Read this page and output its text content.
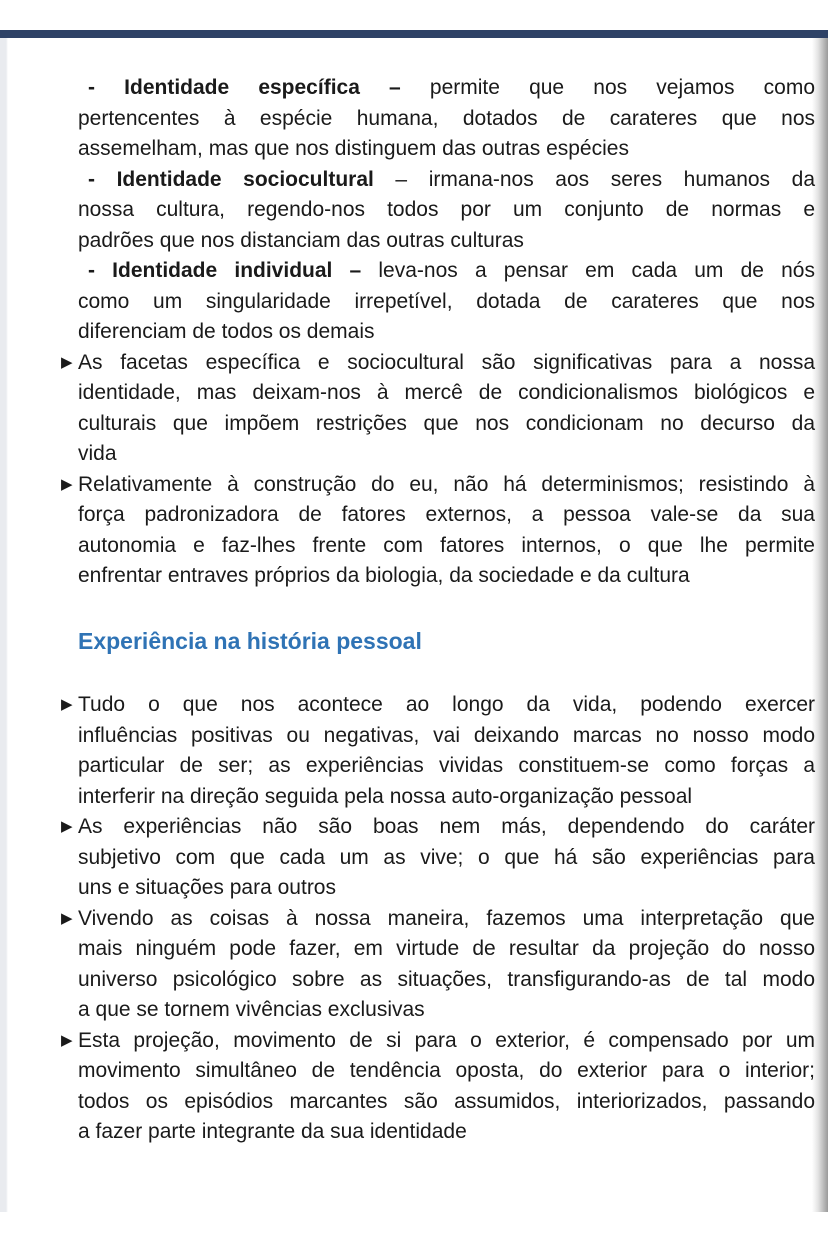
- Identidade específica – permite que nos vejamos como
pertencentes à espécie humana, dotados de carateres que nos
assemelham, mas que nos distinguem das outras espécies
- Identidade sociocultural – irmana-nos aos seres humanos da
nossa cultura, regendo-nos todos por um conjunto de normas e
padrões que nos distanciam das outras culturas
- Identidade individual – leva-nos a pensar em cada um de nós
como um singularidade irrepetível, dotada de carateres que nos
diferenciam de todos os demais
▶ As facetas específica e sociocultural são significativas para a nossa
identidade, mas deixam-nos à mercê de condicionalismos biológicos e
culturais que impõem restrições que nos condicionam no decurso da
vida
▶ Relativamente à construção do eu, não há determinismos; resistindo à
força padronizadora de fatores externos, a pessoa vale-se da sua
autonomia e faz-lhes frente com fatores internos, o que lhe permite
enfrentar entraves próprios da biologia, da sociedade e da cultura
Experiência na história pessoal
▶ Tudo o que nos acontece ao longo da vida, podendo exercer
influências positivas ou negativas, vai deixando marcas no nosso modo
particular de ser; as experiências vividas constituem-se como forças a
interferir na direção seguida pela nossa auto-organização pessoal
▶ As experiências não são boas nem más, dependendo do caráter
subjetivo com que cada um as vive; o que há são experiências para
uns e situações para outros
▶ Vivendo as coisas à nossa maneira, fazemos uma interpretação que
mais ninguém pode fazer, em virtude de resultar da projeção do nosso
universo psicológico sobre as situações, transfigurando-as de tal modo
a que se tornem vivências exclusivas
▶ Esta projeção, movimento de si para o exterior, é compensado por um
movimento simultâneo de tendência oposta, do exterior para o interior;
todos os episódios marcantes são assumidos, interiorizados, passando
a fazer parte integrante da sua identidade
